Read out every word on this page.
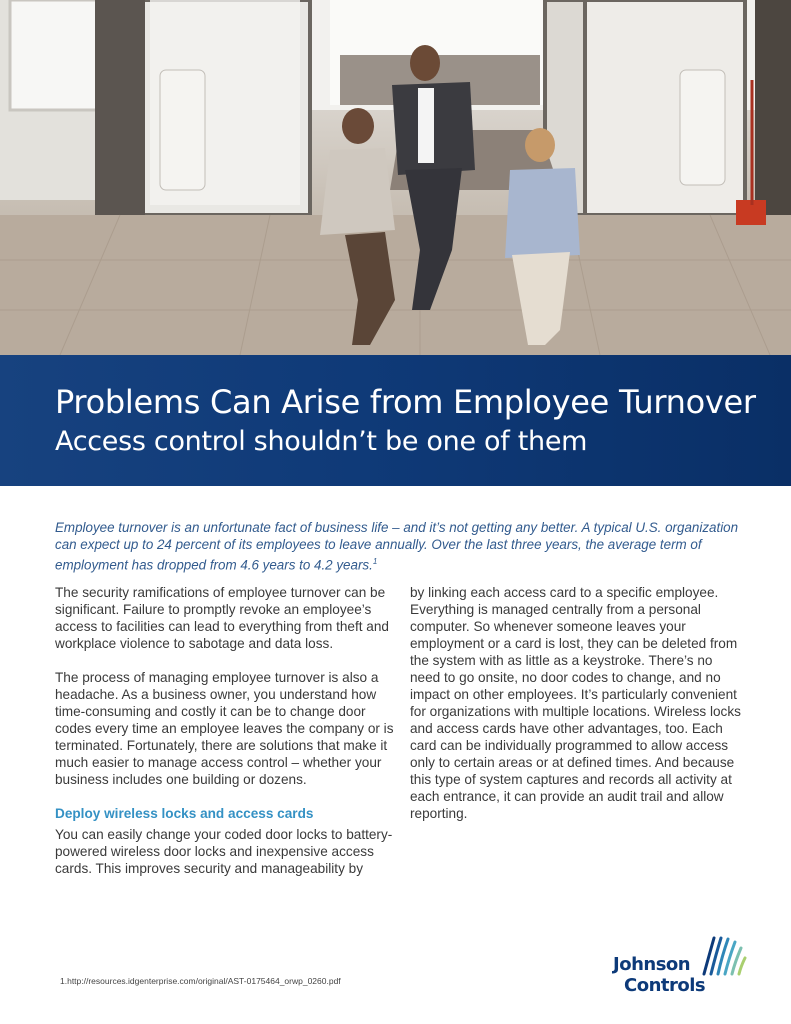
Problems Can Arise from Employee Turnover
Access control shouldn’t be one of them

Employee turnover is an unfortunate fact of business life – and it’s not getting any better. A typical U.S. organization can expect up to 24 percent of its employees to leave annually. Over the last three years, the average term of employment has dropped from 4.6 years to 4.2 years.$^1$

The security ramifications of employee turnover can be significant. Failure to promptly revoke an employee’s access to facilities can lead to everything from theft and workplace violence to sabotage and data loss.

The process of managing employee turnover is also a headache. As a business owner, you understand how time-consuming and costly it can be to change door codes every time an employee leaves the company or is terminated. Fortunately, there are solutions that make it much easier to manage access control – whether your business includes one building or dozens.

Deploy wireless locks and access cards

You can easily change your coded door locks to battery-powered wireless door locks and inexpensive access cards. This improves security and manageability by

by linking each access card to a specific employee. Everything is managed centrally from a personal computer. So whenever someone leaves your employment or a card is lost, they can be deleted from the system with as little as a keystroke. There’s no need to go onsite, no door codes to change, and no impact on other employees. It’s particularly convenient for organizations with multiple locations. Wireless locks and access cards have other advantages, too. Each card can be individually programmed to allow access only to certain areas or at defined times. And because this type of system captures and records all activity at each entrance, it can provide an audit trail and allow reporting.

1.http://resources.idgenterprise.com/original/AST-0175464_orwp_0260.pdf
Johnson
Controls
